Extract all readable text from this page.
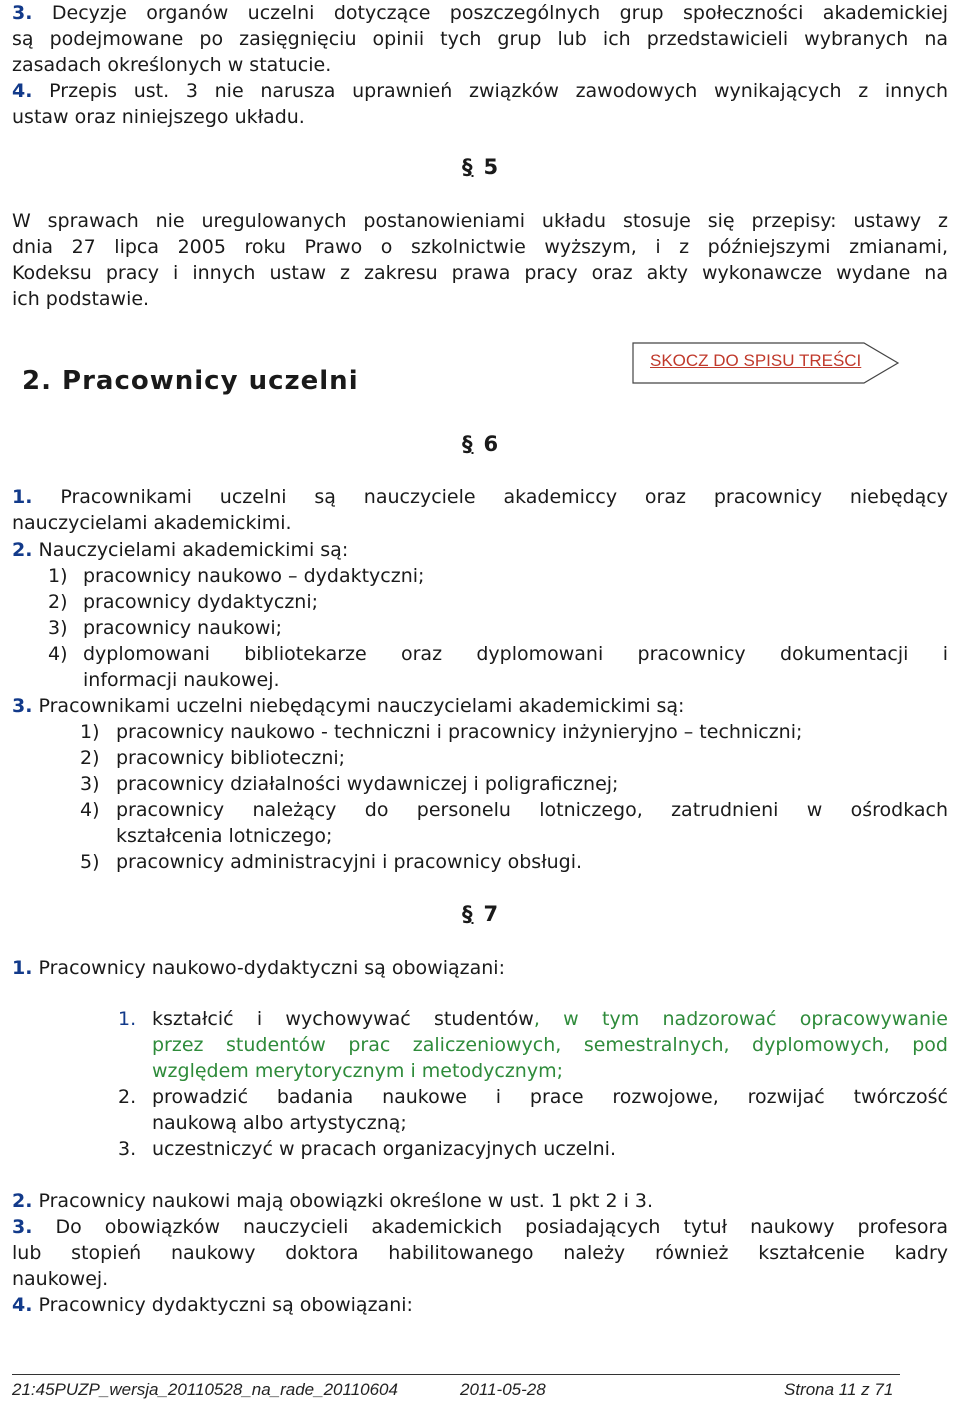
3. Decyzje organów uczelni dotyczące poszczególnych grup społeczności akademickiej
są podejmowane po zasięgnięciu opinii tych grup lub ich przedstawicieli wybranych na
zasadach określonych w statucie.
4. Przepis ust. 3 nie narusza uprawnień związków zawodowych wynikających z innych
ustaw oraz niniejszego układu.
§ 5
W sprawach nie uregulowanych postanowieniami układu stosuje się przepisy: ustawy z
dnia 27 lipca 2005 roku Prawo o szkolnictwie wyższym, i z późniejszymi zmianami,
Kodeksu pracy i innych ustaw z zakresu prawa pracy oraz akty wykonawcze wydane na
ich podstawie.
2. Pracownicy uczelni
SKOCZ DO SPISU TREŚCI
§ 6
1. Pracownikami uczelni są nauczyciele akademiccy oraz pracownicy niebędący
nauczycielami akademickimi.
2. Nauczycielami akademickimi są:
1) pracownicy naukowo – dydaktyczni;
2) pracownicy dydaktyczni;
3) pracownicy naukowi;
4) dyplomowani bibliotekarze oraz dyplomowani pracownicy dokumentacji i
informacji naukowej.
3. Pracownikami uczelni niebędącymi nauczycielami akademickimi są:
1) pracownicy naukowo - techniczni i pracownicy inżynieryjno – techniczni;
2) pracownicy biblioteczni;
3) pracownicy działalności wydawniczej i poligraficznej;
4) pracownicy należący do personelu lotniczego, zatrudnieni w ośrodkach
kształcenia lotniczego;
5) pracownicy administracyjni i pracownicy obsługi.
§ 7
1. Pracownicy naukowo-dydaktyczni są obowiązani:
1. kształcić i wychowywać studentów, w tym nadzorować opracowywanie
przez studentów prac zaliczeniowych, semestralnych, dyplomowych, pod
względem merytorycznym i metodycznym;
2. prowadzić badania naukowe i prace rozwojowe, rozwijać twórczość
naukową albo artystyczną;
3. uczestniczyć w pracach organizacyjnych uczelni.
2. Pracownicy naukowi mają obowiązki określone w ust. 1 pkt 2 i 3.
3. Do obowiązków nauczycieli akademickich posiadających tytuł naukowy profesora
lub stopień naukowy doktora habilitowanego należy również kształcenie kadry
naukowej.
4. Pracownicy dydaktyczni są obowiązani:
21:45PUZP_wersja_20110528_na_rade_20110604	2011-05-28	Strona 11 z 71
